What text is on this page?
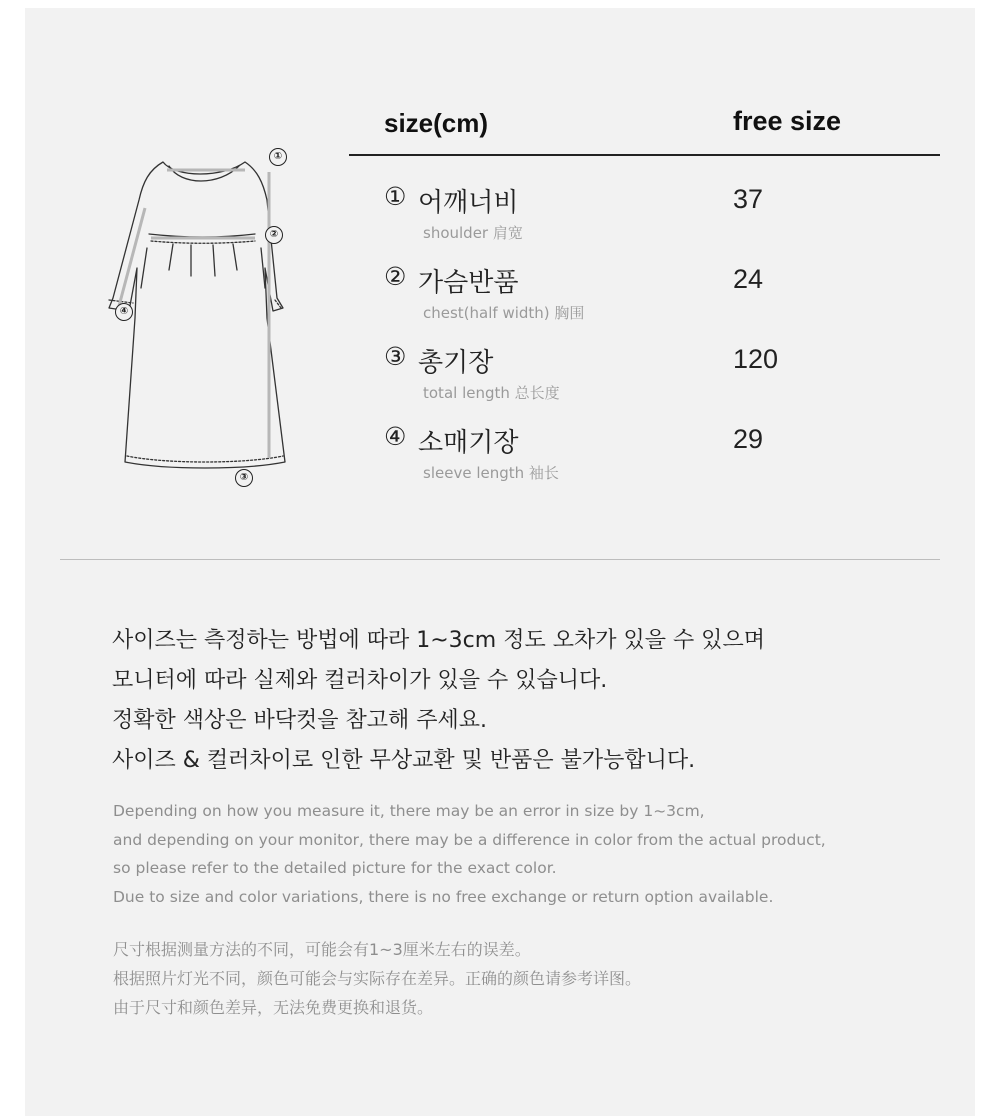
①
②
③
④
size(cm)	free size
① 어깨너비
shoulder 肩宽
37
② 가슴반품
chest(half width) 胸围
24
③ 총기장
total length 总长度
120
④ 소매기장
sleeve length 袖长
29
사이즈는 측정하는 방법에 따라 1~3cm 정도 오차가 있을 수 있으며
모니터에 따라 실제와 컬러차이가 있을 수 있습니다.
정확한 색상은 바닥컷을 참고해 주세요.
사이즈 & 컬러차이로 인한 무상교환 및 반품은 불가능합니다.
Depending on how you measure it, there may be an error in size by 1~3cm,
and depending on your monitor, there may be a difference in color from the actual product,
so please refer to the detailed picture for the exact color.
Due to size and color variations, there is no free exchange or return option available.
尺寸根据测量方法的不同，可能会有1~3厘米左右的误差。
根据照片灯光不同，颜色可能会与实际存在差异。正确的颜色请参考详图。
由于尺寸和颜色差异，无法免费更换和退货。
